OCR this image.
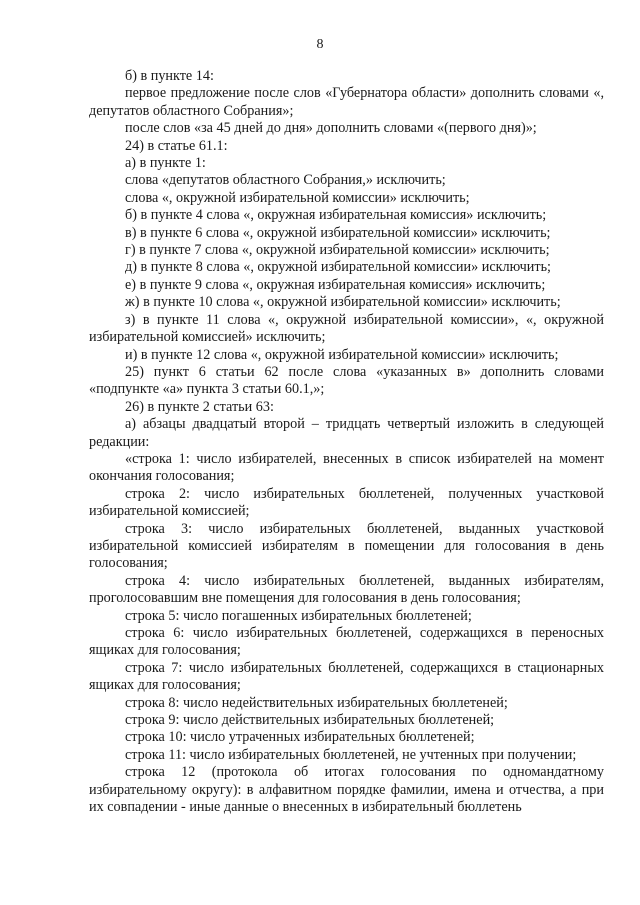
8

б) в пункте 14:

первое предложение после слов «Губернатора области» дополнить словами «, депутатов областного Собрания»;

после слов «за 45 дней до дня» дополнить словами «(первого дня)»;

24) в статье 61.1:

а) в пункте 1:

слова «депутатов областного Собрания,» исключить;

слова «, окружной избирательной комиссии» исключить;

б) в пункте 4 слова «, окружная избирательная комиссия» исключить;

в) в пункте 6 слова «, окружной избирательной комиссии» исключить;

г) в пункте 7 слова «, окружной избирательной комиссии» исключить;

д) в пункте 8 слова «, окружной избирательной комиссии» исключить;

е) в пункте 9 слова «, окружная избирательная комиссия» исключить;

ж) в пункте 10 слова «, окружной избирательной комиссии» исключить;

з) в пункте 11 слова «, окружной избирательной комиссии», «, окружной избирательной комиссией» исключить;

и) в пункте 12 слова «, окружной избирательной комиссии» исключить;

25) пункт 6 статьи 62 после слова «указанных в» дополнить словами «подпункте «а» пункта 3 статьи 60.1,»;

26) в пункте 2 статьи 63:

а) абзацы двадцатый второй – тридцать четвертый изложить в следующей редакции:

«строка 1: число избирателей, внесенных в список избирателей на момент окончания голосования;

строка 2: число избирательных бюллетеней, полученных участковой избирательной комиссией;

строка 3: число избирательных бюллетеней, выданных участковой избирательной комиссией избирателям в помещении для голосования в день голосования;

строка 4: число избирательных бюллетеней, выданных избирателям, проголосовавшим вне помещения для голосования в день голосования;

строка 5: число погашенных избирательных бюллетеней;

строка 6: число избирательных бюллетеней, содержащихся в переносных ящиках для голосования;

строка 7: число избирательных бюллетеней, содержащихся в стационарных ящиках для голосования;

строка 8: число недействительных избирательных бюллетеней;

строка 9: число действительных избирательных бюллетеней;

строка 10: число утраченных избирательных бюллетеней;

строка 11: число избирательных бюллетеней, не учтенных при получении;

строка 12 (протокола об итогах голосования по одномандатному избирательному округу): в алфавитном порядке фамилии, имена и отчества, а при их совпадении - иные данные о внесенных в избирательный бюллетень
